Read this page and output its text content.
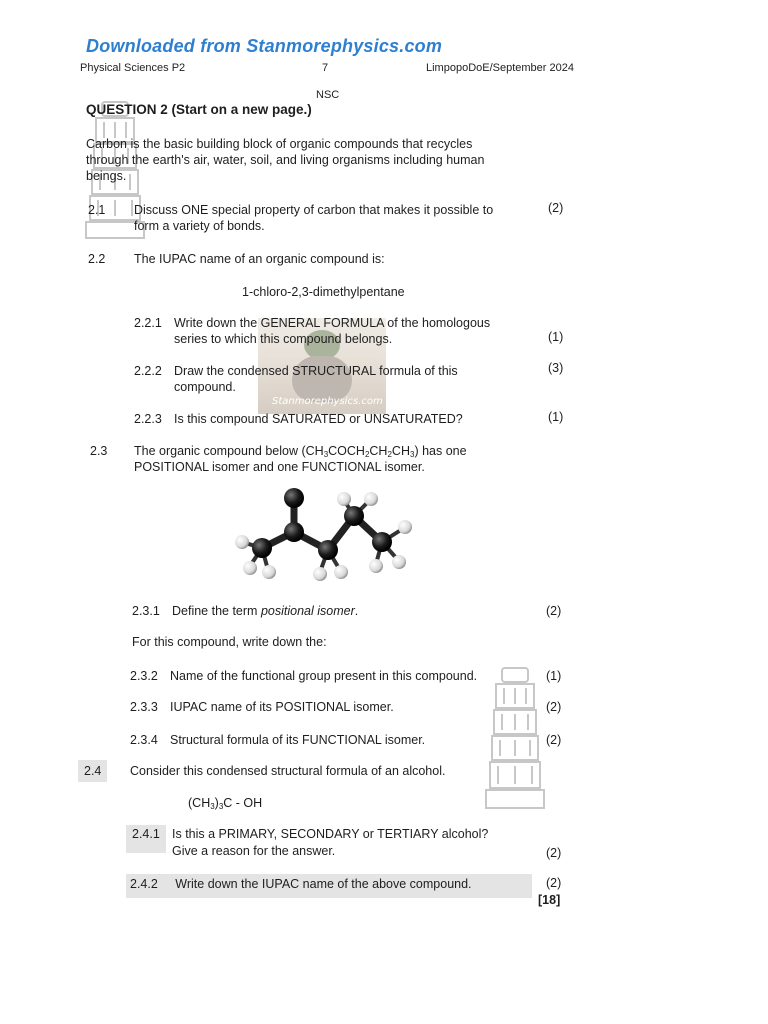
Downloaded from Stanmorephysics.com
Physical Sciences P2	7	LimpopoDoE/September 2024
NSC
QUESTION 2 (Start on a new page.)
Carbon is the basic building block of organic compounds that recycles
through the earth's air, water, soil, and living organisms including human
beings.
2.1 Discuss ONE special property of carbon that makes it possible to
form a variety of bonds.
(2)
2.2 The IUPAC name of an organic compound is:
1-chloro-2,3-dimethylpentane
Stanmorephysics.com
2.2.1 Write down the GENERAL FORMULA of the homologous
series to which this compound belongs.	(1)
2.2.2 Draw the condensed STRUCTURAL formula of this
compound.
(3)
2.2.3 Is this compound SATURATED or UNSATURATED?	(1)
2.3 The organic compound below $(CH_3COCH_2CH_2CH_3)$ has one
POSITIONAL isomer and one FUNCTIONAL isomer.
2.3.1 Define the term positional isomer.	(2)
For this compound, write down the:
2.3.2 Name of the functional group present in this compound.	(1)
2.3.3 IUPAC name of its POSITIONAL isomer.	(2)
2.3.4 Structural formula of its FUNCTIONAL isomer.	(2)
2.4	Consider this condensed structural formula of an alcohol.
$(CH_3)_3C$ - OH
2.4.1 Is this a PRIMARY, SECONDARY or TERTIARY alcohol?
Give a reason for the answer.	(2)
2.4.2 Write down the IUPAC name of the above compound.	(2)
[18]
